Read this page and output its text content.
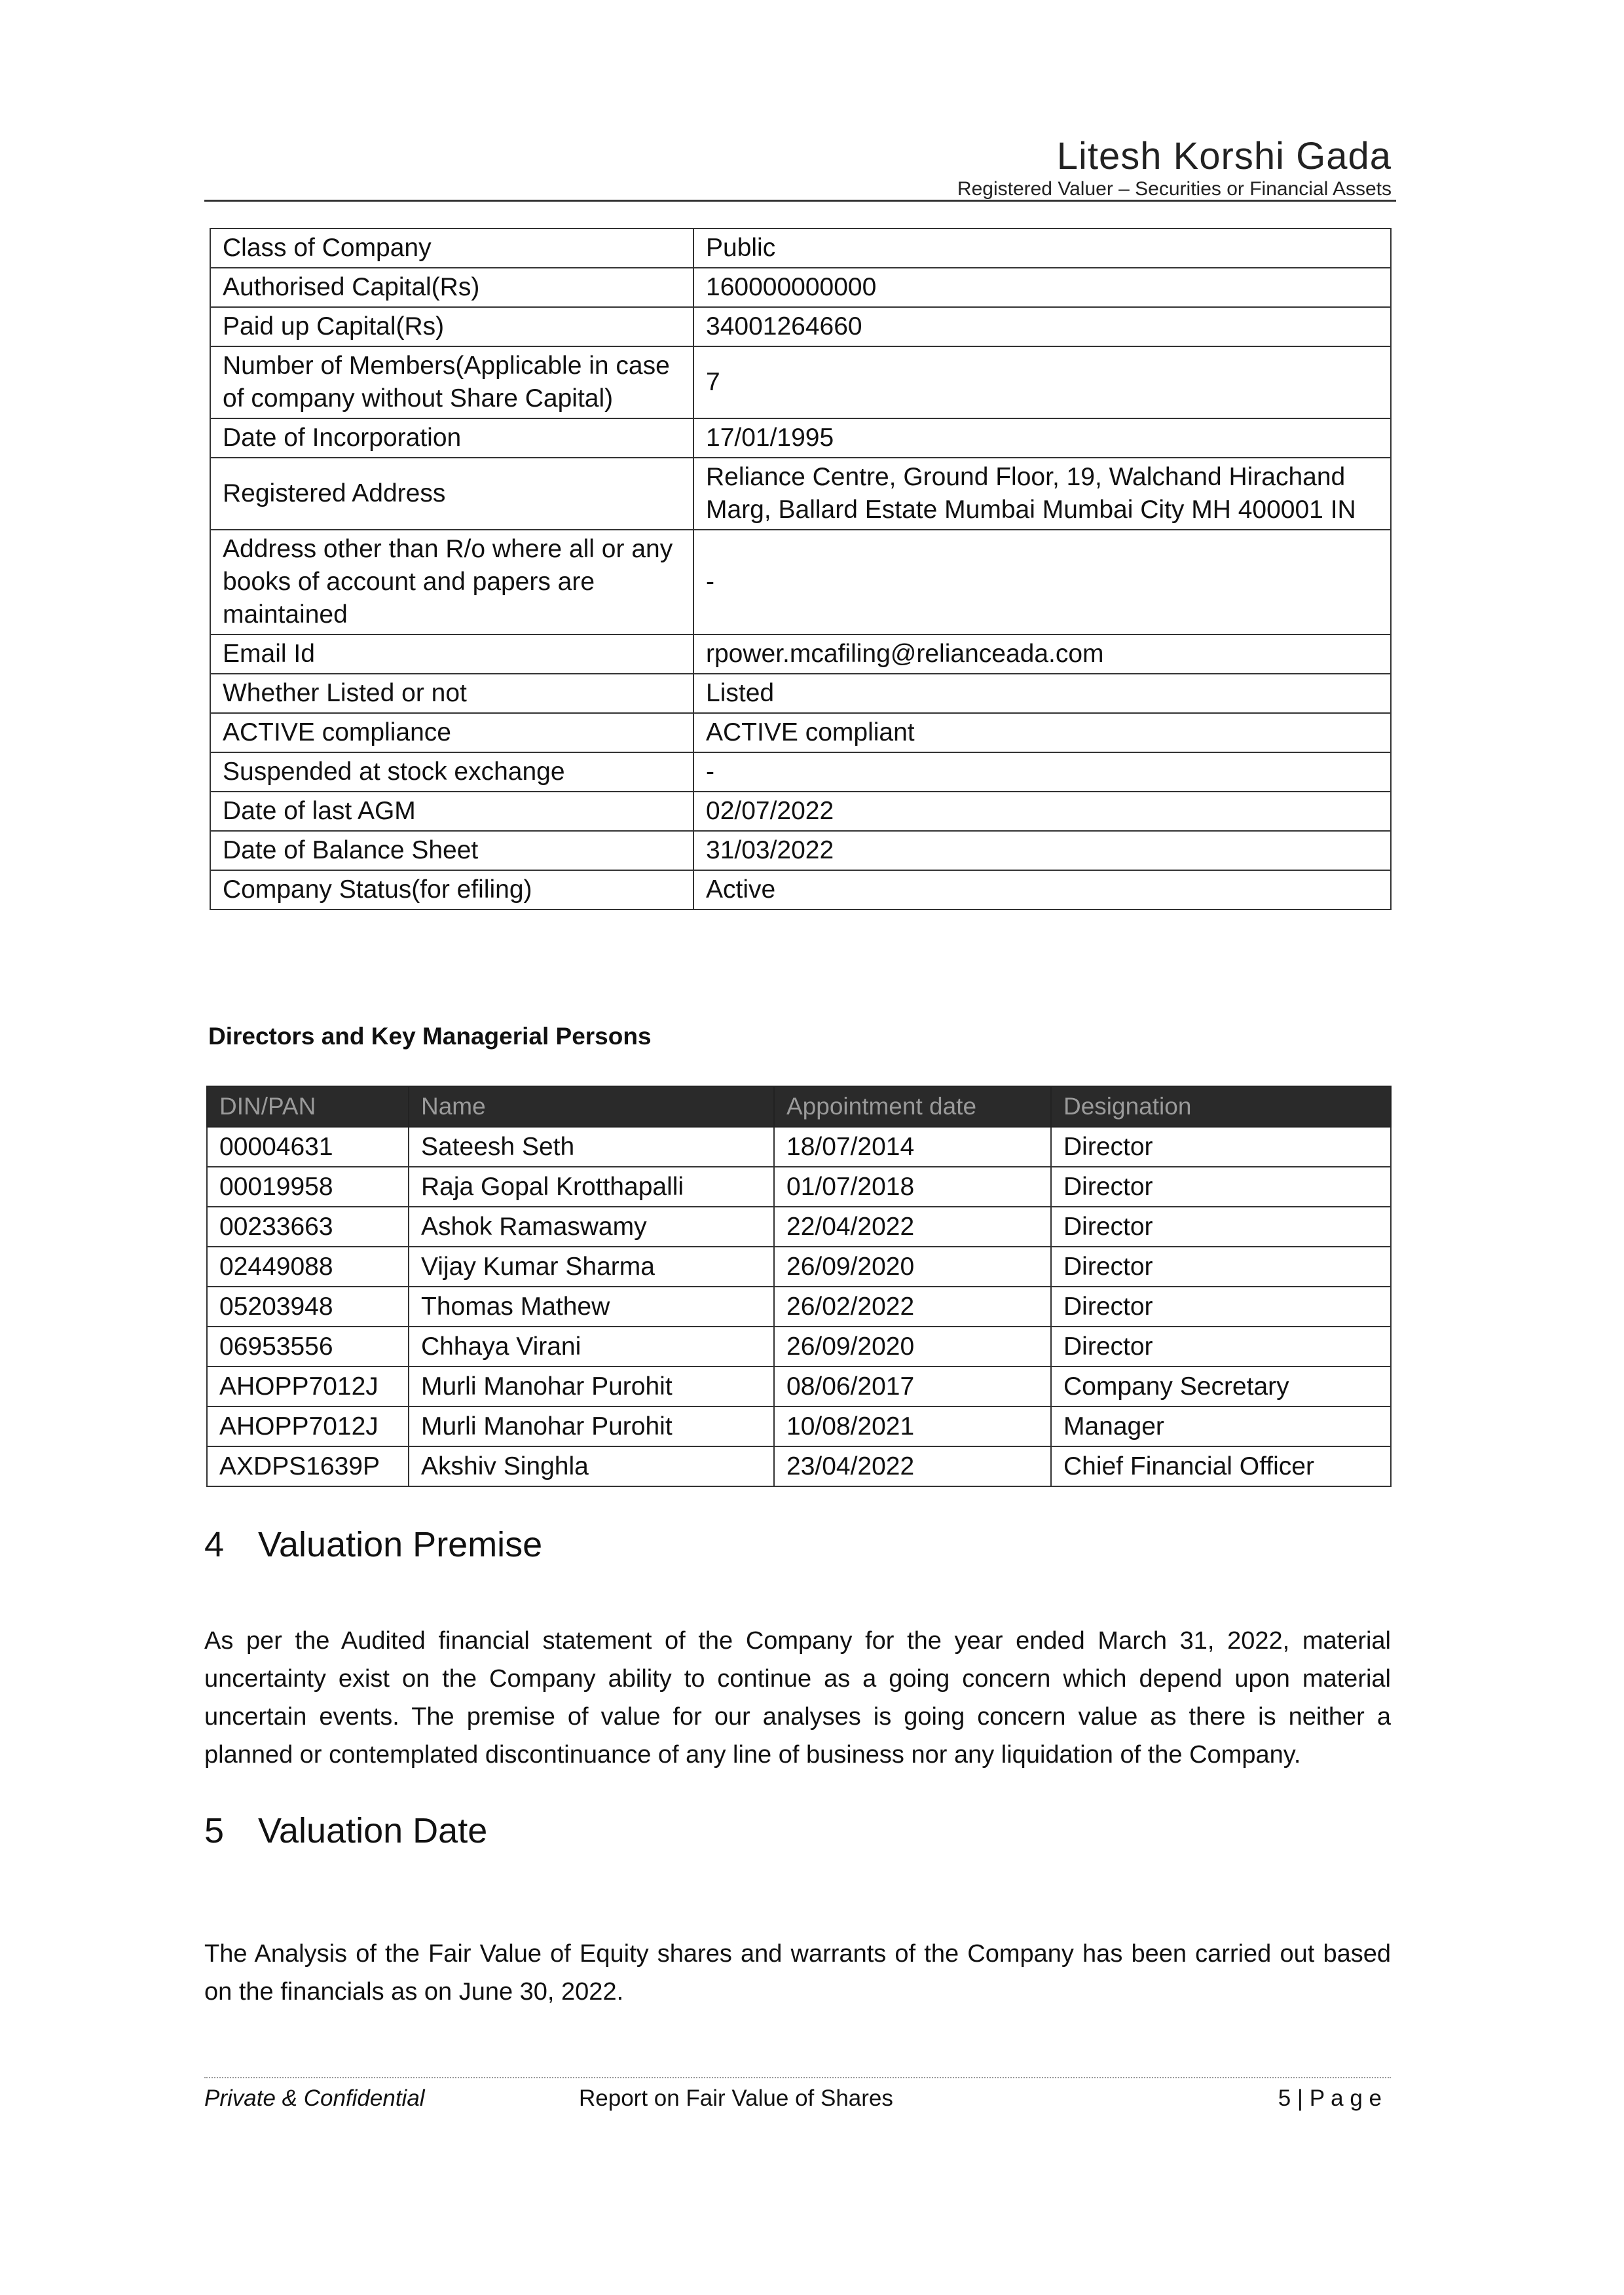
Litesh Korshi Gada
Registered Valuer – Securities or Financial Assets
Class of Company	Public
Authorised Capital(Rs)	160000000000
Paid up Capital(Rs)	34001264660
Number of Members(Applicable in case of company without Share Capital)	7
Date of Incorporation	17/01/1995
Registered Address	Reliance Centre, Ground Floor, 19, Walchand Hirachand Marg, Ballard Estate Mumbai Mumbai City MH 400001 IN
Address other than R/o where all or any books of account and papers are maintained	-
Email Id	rpower.mcafiling@relianceada.com
Whether Listed or not	Listed
ACTIVE compliance	ACTIVE compliant
Suspended at stock exchange	-
Date of last AGM	02/07/2022
Date of Balance Sheet	31/03/2022
Company Status(for efiling)	Active
Directors and Key Managerial Persons
DIN/PAN	Name	Appointment date	Designation
00004631	Sateesh Seth	18/07/2014	Director
00019958	Raja Gopal Krotthapalli	01/07/2018	Director
00233663	Ashok Ramaswamy	22/04/2022	Director
02449088	Vijay Kumar Sharma	26/09/2020	Director
05203948	Thomas Mathew	26/02/2022	Director
06953556	Chhaya Virani	26/09/2020	Director
AHOPP7012J	Murli Manohar Purohit	08/06/2017	Company Secretary
AHOPP7012J	Murli Manohar Purohit	10/08/2021	Manager
AXDPS1639P	Akshiv Singhla	23/04/2022	Chief Financial Officer
4 Valuation Premise
As per the Audited financial statement of the Company for the year ended March 31, 2022, material uncertainty exist on the Company ability to continue as a going concern which depend upon material uncertain events. The premise of value for our analyses is going concern value as there is neither a planned or contemplated discontinuance of any line of business nor any liquidation of the Company.
5 Valuation Date
The Analysis of the Fair Value of Equity shares and warrants of the Company has been carried out based on the financials as on June 30, 2022.
Private & Confidential	Report on Fair Value of Shares	5 | P a g e
